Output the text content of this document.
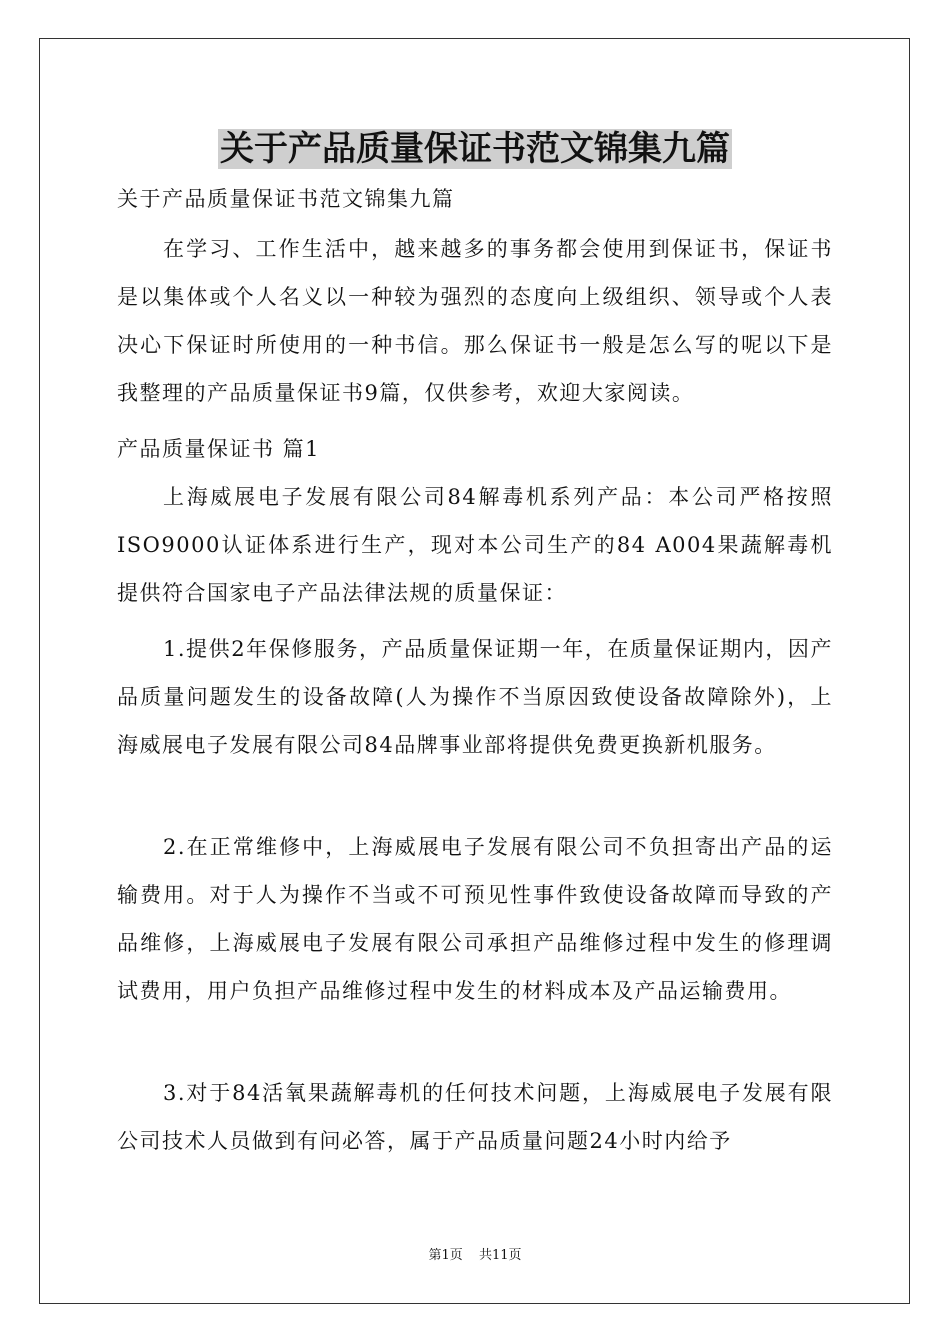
关于产品质量保证书范文锦集九篇

关于产品质量保证书范文锦集九篇

在学习、工作生活中，越来越多的事务都会使用到保证书，保证书是以集体或个人名义以一种较为强烈的态度向上级组织、领导或个人表决心下保证时所使用的一种书信。那么保证书一般是怎么写的呢以下是我整理的产品质量保证书9篇，仅供参考，欢迎大家阅读。

产品质量保证书 篇1

上海威展电子发展有限公司84解毒机系列产品：本公司严格按照ISO9000认证体系进行生产，现对本公司生产的84 A004果蔬解毒机提供符合国家电子产品法律法规的质量保证：

1.提供2年保修服务，产品质量保证期一年，在质量保证期内，因产品质量问题发生的设备故障(人为操作不当原因致使设备故障除外)，上海威展电子发展有限公司84品牌事业部将提供免费更换新机服务。

2.在正常维修中，上海威展电子发展有限公司不负担寄出产品的运输费用。对于人为操作不当或不可预见性事件致使设备故障而导致的产品维修，上海威展电子发展有限公司承担产品维修过程中发生的修理调试费用，用户负担产品维修过程中发生的材料成本及产品运输费用。

3.对于84活氧果蔬解毒机的任何技术问题，上海威展电子发展有限公司技术人员做到有问必答，属于产品质量问题24小时内给予

第1页 共11页
